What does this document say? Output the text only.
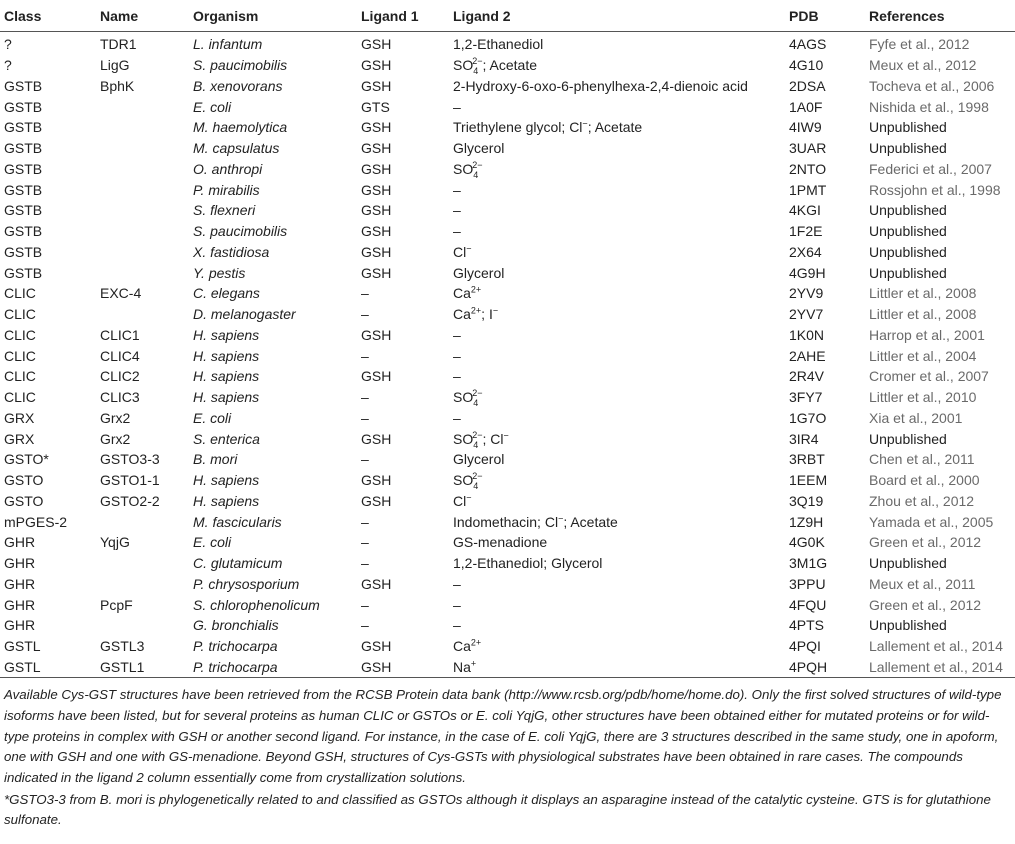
Class	Name	Organism	Ligand 1	Ligand 2	PDB	References
?	TDR1	L. infantum	GSH	1,2-Ethanediol	4AGS	Fyfe et al., 2012
?	LigG	S. paucimobilis	GSH	$SO_4^{2-}$; Acetate	4G10	Meux et al., 2012
GSTB	BphK	B. xenovorans	GSH	2-Hydroxy-6-oxo-6-phenylhexa-2,4-dienoic acid	2DSA	Tocheva et al., 2006
GSTB		E. coli	GTS	–	1A0F	Nishida et al., 1998
GSTB		M. haemolytica	GSH	Triethylene glycol; Cl−; Acetate	4IW9	Unpublished
GSTB		M. capsulatus	GSH	Glycerol	3UAR	Unpublished
GSTB		O. anthropi	GSH	$SO_4^{2-}$	2NTO	Federici et al., 2007
GSTB		P. mirabilis	GSH	–	1PMT	Rossjohn et al., 1998
GSTB		S. flexneri	GSH	–	4KGI	Unpublished
GSTB		S. paucimobilis	GSH	–	1F2E	Unpublished
GSTB		X. fastidiosa	GSH	Cl−	2X64	Unpublished
GSTB		Y. pestis	GSH	Glycerol	4G9H	Unpublished
CLIC	EXC-4	C. elegans	–	$Ca^{2+}$	2YV9	Littler et al., 2008
CLIC		D. melanogaster	–	$Ca^{2+}$; I−	2YV7	Littler et al., 2008
CLIC	CLIC1	H. sapiens	GSH	–	1K0N	Harrop et al., 2001
CLIC	CLIC4	H. sapiens	–	–	2AHE	Littler et al., 2004
CLIC	CLIC2	H. sapiens	GSH	–	2R4V	Cromer et al., 2007
CLIC	CLIC3	H. sapiens	–	$SO_4^{2-}$	3FY7	Littler et al., 2010
GRX	Grx2	E. coli	–	–	1G7O	Xia et al., 2001
GRX	Grx2	S. enterica	GSH	$SO_4^{2-}$; Cl−	3IR4	Unpublished
GSTO*	GSTO3-3	B. mori	–	Glycerol	3RBT	Chen et al., 2011
GSTO	GSTO1-1	H. sapiens	GSH	$SO_4^{2-}$	1EEM	Board et al., 2000
GSTO	GSTO2-2	H. sapiens	GSH	Cl−	3Q19	Zhou et al., 2012
mPGES-2		M. fascicularis	–	Indomethacin; Cl−; Acetate	1Z9H	Yamada et al., 2005
GHR	YqjG	E. coli	–	GS-menadione	4G0K	Green et al., 2012
GHR		C. glutamicum	–	1,2-Ethanediol; Glycerol	3M1G	Unpublished
GHR		P. chrysosporium	GSH	–	3PPU	Meux et al., 2011
GHR	PcpF	S. chlorophenolicum	–	–	4FQU	Green et al., 2012
GHR		G. bronchialis	–	–	4PTS	Unpublished
GSTL	GSTL3	P. trichocarpa	GSH	$Ca^{2+}$	4PQI	Lallement et al., 2014
GSTL	GSTL1	P. trichocarpa	GSH	Na+	4PQH	Lallement et al., 2014

Available Cys-GST structures have been retrieved from the RCSB Protein data bank (http://www.rcsb.org/pdb/home/home.do). Only the first solved structures of wild-type isoforms have been listed, but for several proteins as human CLIC or GSTOs or E. coli YqjG, other structures have been obtained either for mutated proteins or for wild-type proteins in complex with GSH or another second ligand. For instance, in the case of E. coli YqjG, there are 3 structures described in the same study, one in apoform, one with GSH and one with GS-menadione. Beyond GSH, structures of Cys-GSTs with physiological substrates have been obtained in rare cases. The compounds indicated in the ligand 2 column essentially come from crystallization solutions.

*GSTO3-3 from B. mori is phylogenetically related to and classified as GSTOs although it displays an asparagine instead of the catalytic cysteine. GTS is for glutathione sulfonate.
